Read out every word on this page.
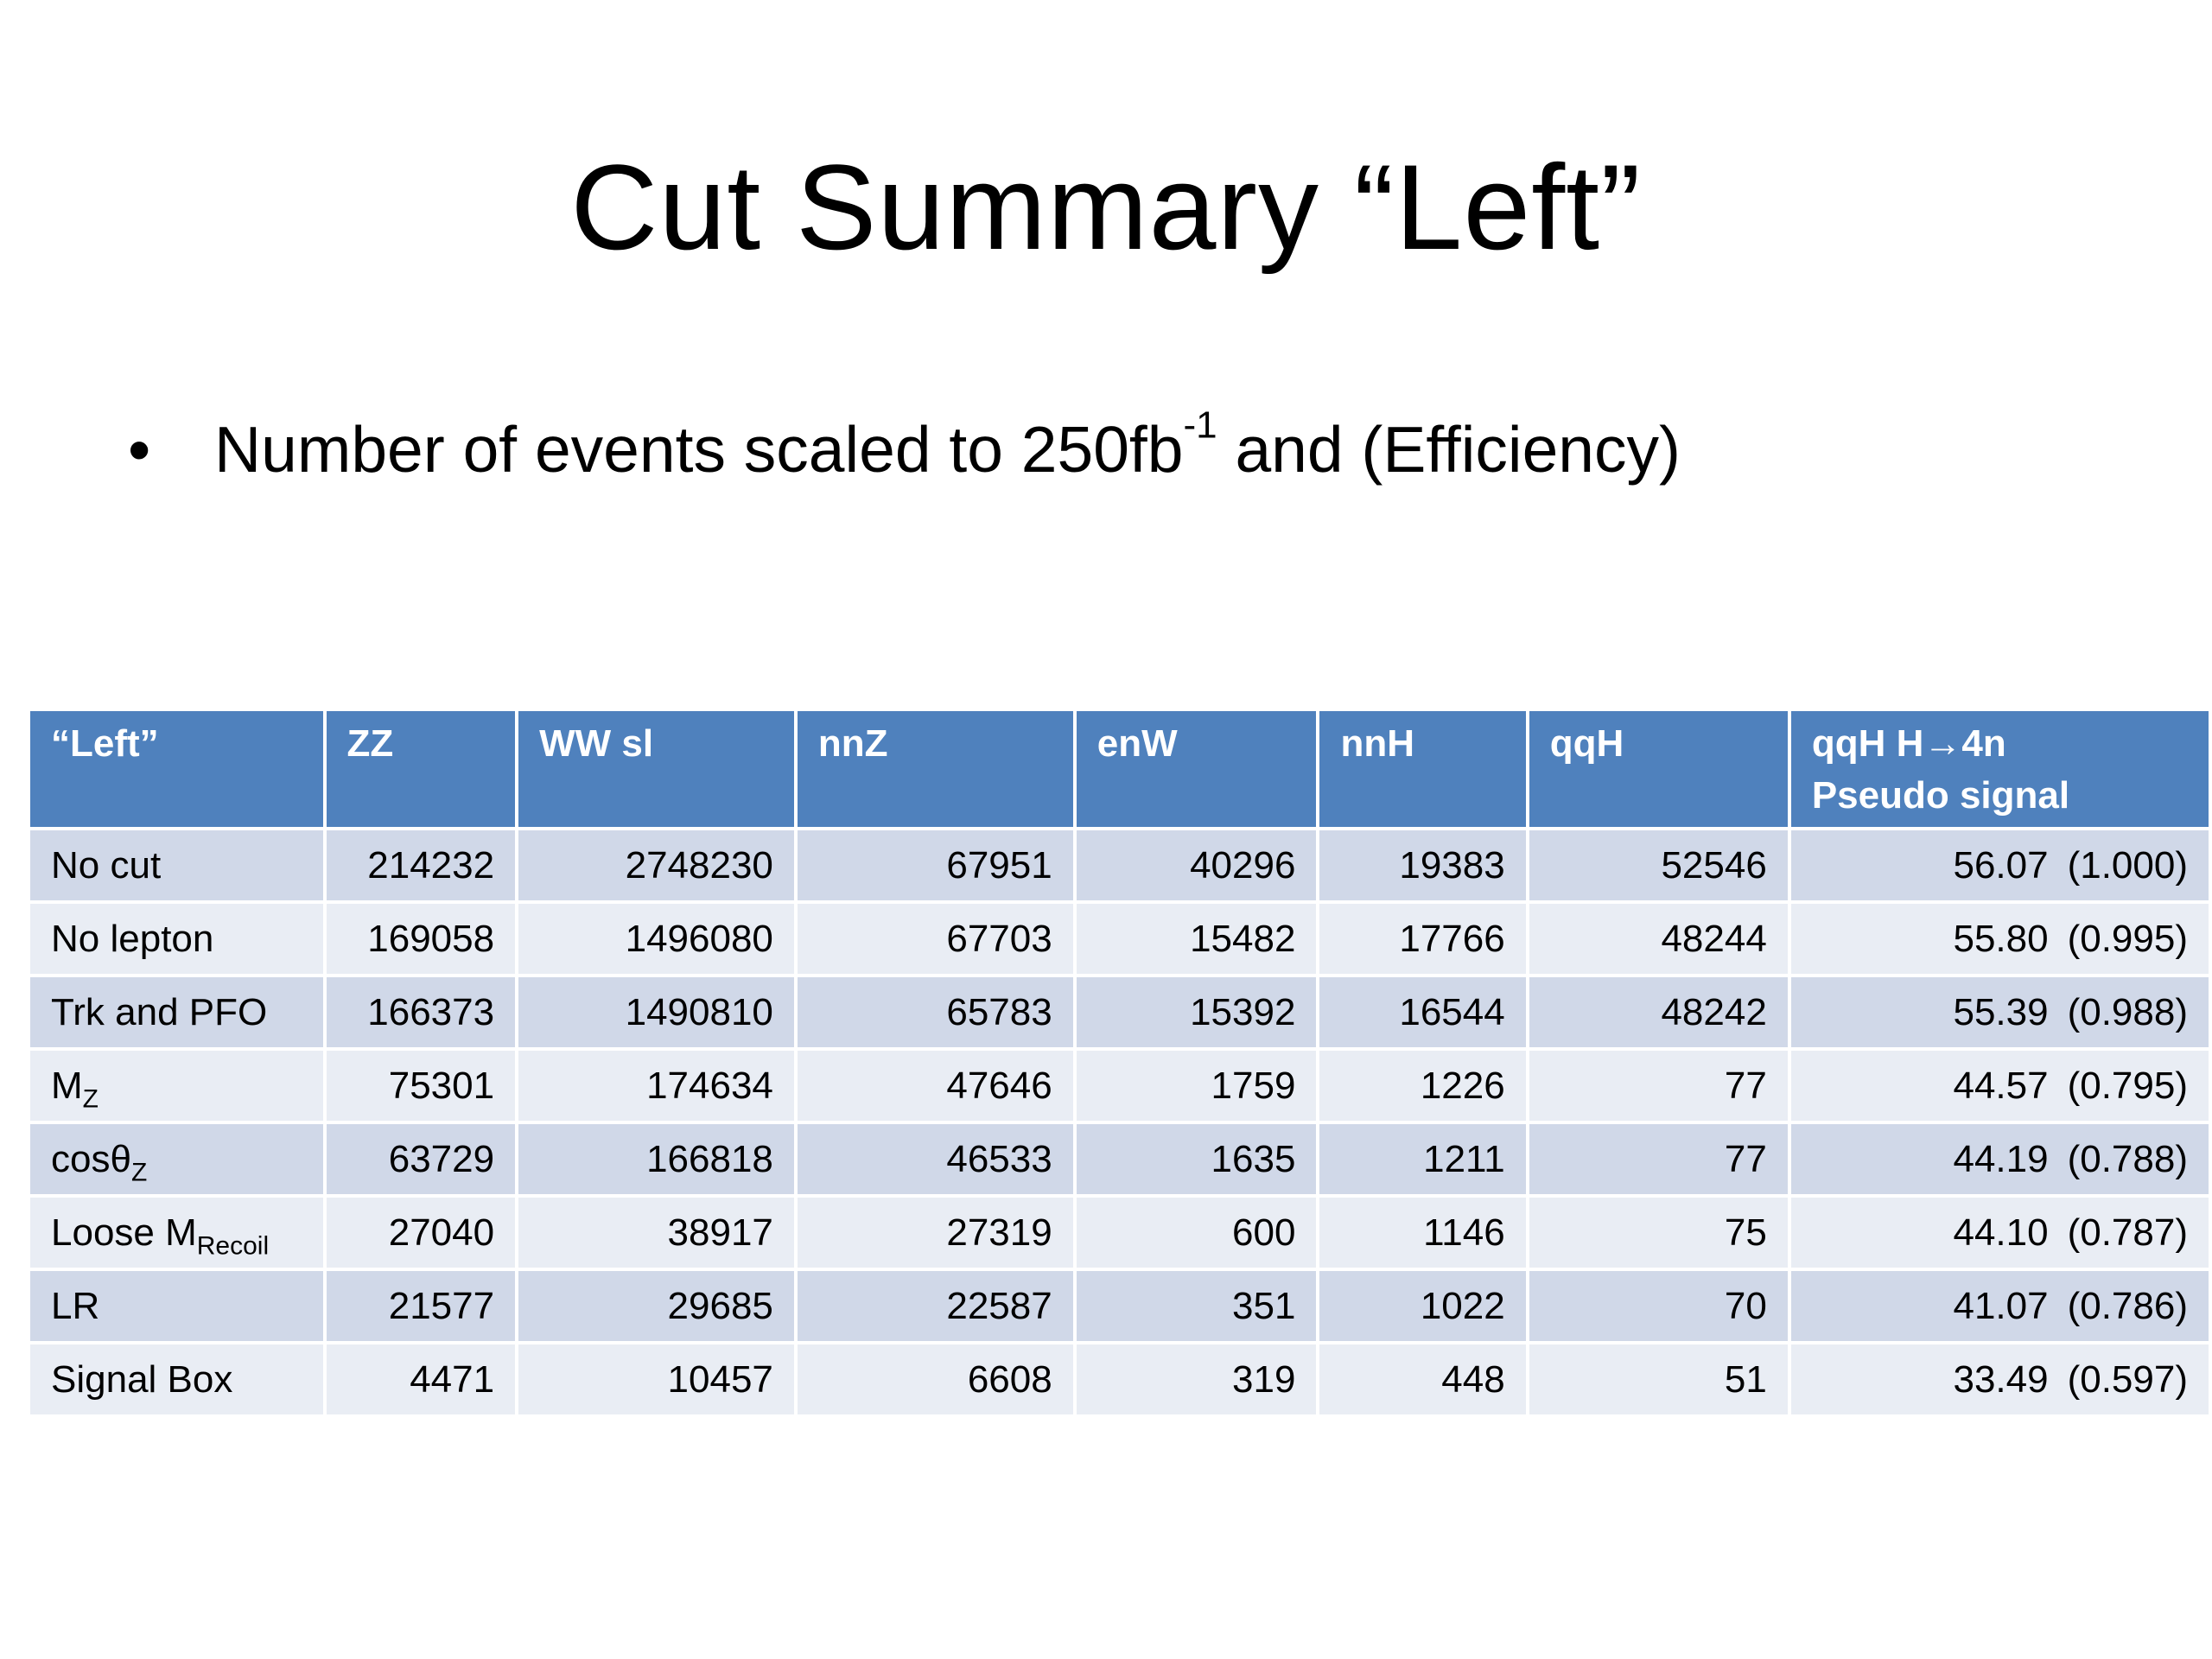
Cut Summary “Left”
• Number of events scaled to $250fb^{-1}$ and (Efficiency)
“Left”	ZZ	WW sl	nnZ	enW	nnH	qqH	qqH H→4n
Pseudo signal

No cut	214232	2748230	67951	40296	19383	52546	56.07 (1.000)
No lepton	169058	1496080	67703	15482	17766	48244	55.80 (0.995)
Trk and PFO	166373	1490810	65783	15392	16544	48242	55.39 (0.988)
$M_Z$	75301	174634	47646	1759	1226	77	44.57 (0.795)
cosθ$_Z$	63729	166818	46533	1635	1211	77	44.19 (0.788)
Loose $M_{Recoil}$	27040	38917	27319	600	1146	75	44.10 (0.787)
LR	21577	29685	22587	351	1022	70	41.07 (0.786)
Signal Box	4471	10457	6608	319	448	51	33.49 (0.597)
